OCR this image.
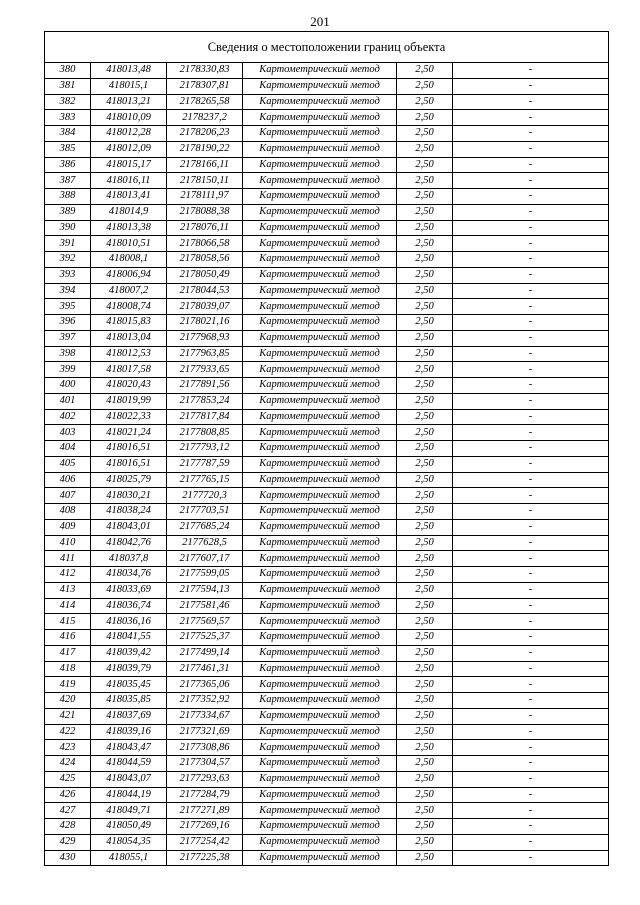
201
Сведения о местоположении границ объекта					
380	418013,48	2178330,83	Картометрический метод	2,50	-
381	418015,1	2178307,81	Картометрический метод	2,50	-
382	418013,21	2178265,58	Картометрический метод	2,50	-
383	418010,09	2178237,2	Картометрический метод	2,50	-
384	418012,28	2178206,23	Картометрический метод	2,50	-
385	418012,09	2178190,22	Картометрический метод	2,50	-
386	418015,17	2178166,11	Картометрический метод	2,50	-
387	418016,11	2178150,11	Картометрический метод	2,50	-
388	418013,41	2178111,97	Картометрический метод	2,50	-
389	418014,9	2178088,38	Картометрический метод	2,50	-
390	418013,38	2178076,11	Картометрический метод	2,50	-
391	418010,51	2178066,58	Картометрический метод	2,50	-
392	418008,1	2178058,56	Картометрический метод	2,50	-
393	418006,94	2178050,49	Картометрический метод	2,50	-
394	418007,2	2178044,53	Картометрический метод	2,50	-
395	418008,74	2178039,07	Картометрический метод	2,50	-
396	418015,83	2178021,16	Картометрический метод	2,50	-
397	418013,04	2177968,93	Картометрический метод	2,50	-
398	418012,53	2177963,85	Картометрический метод	2,50	-
399	418017,58	2177933,65	Картометрический метод	2,50	-
400	418020,43	2177891,56	Картометрический метод	2,50	-
401	418019,99	2177853,24	Картометрический метод	2,50	-
402	418022,33	2177817,84	Картометрический метод	2,50	-
403	418021,24	2177808,85	Картометрический метод	2,50	-
404	418016,51	2177793,12	Картометрический метод	2,50	-
405	418016,51	2177787,59	Картометрический метод	2,50	-
406	418025,79	2177765,15	Картометрический метод	2,50	-
407	418030,21	2177720,3	Картометрический метод	2,50	-
408	418038,24	2177703,51	Картометрический метод	2,50	-
409	418043,01	2177685,24	Картометрический метод	2,50	-
410	418042,76	2177628,5	Картометрический метод	2,50	-
411	418037,8	2177607,17	Картометрический метод	2,50	-
412	418034,76	2177599,05	Картометрический метод	2,50	-
413	418033,69	2177594,13	Картометрический метод	2,50	-
414	418036,74	2177581,46	Картометрический метод	2,50	-
415	418036,16	2177569,57	Картометрический метод	2,50	-
416	418041,55	2177525,37	Картометрический метод	2,50	-
417	418039,42	2177499,14	Картометрический метод	2,50	-
418	418039,79	2177461,31	Картометрический метод	2,50	-
419	418035,45	2177365,06	Картометрический метод	2,50	-
420	418035,85	2177352,92	Картометрический метод	2,50	-
421	418037,69	2177334,67	Картометрический метод	2,50	-
422	418039,16	2177321,69	Картометрический метод	2,50	-
423	418043,47	2177308,86	Картометрический метод	2,50	-
424	418044,59	2177304,57	Картометрический метод	2,50	-
425	418043,07	2177293,63	Картометрический метод	2,50	-
426	418044,19	2177284,79	Картометрический метод	2,50	-
427	418049,71	2177271,89	Картометрический метод	2,50	-
428	418050,49	2177269,16	Картометрический метод	2,50	-
429	418054,35	2177254,42	Картометрический метод	2,50	-
430	418055,1	2177225,38	Картометрический метод	2,50	-
